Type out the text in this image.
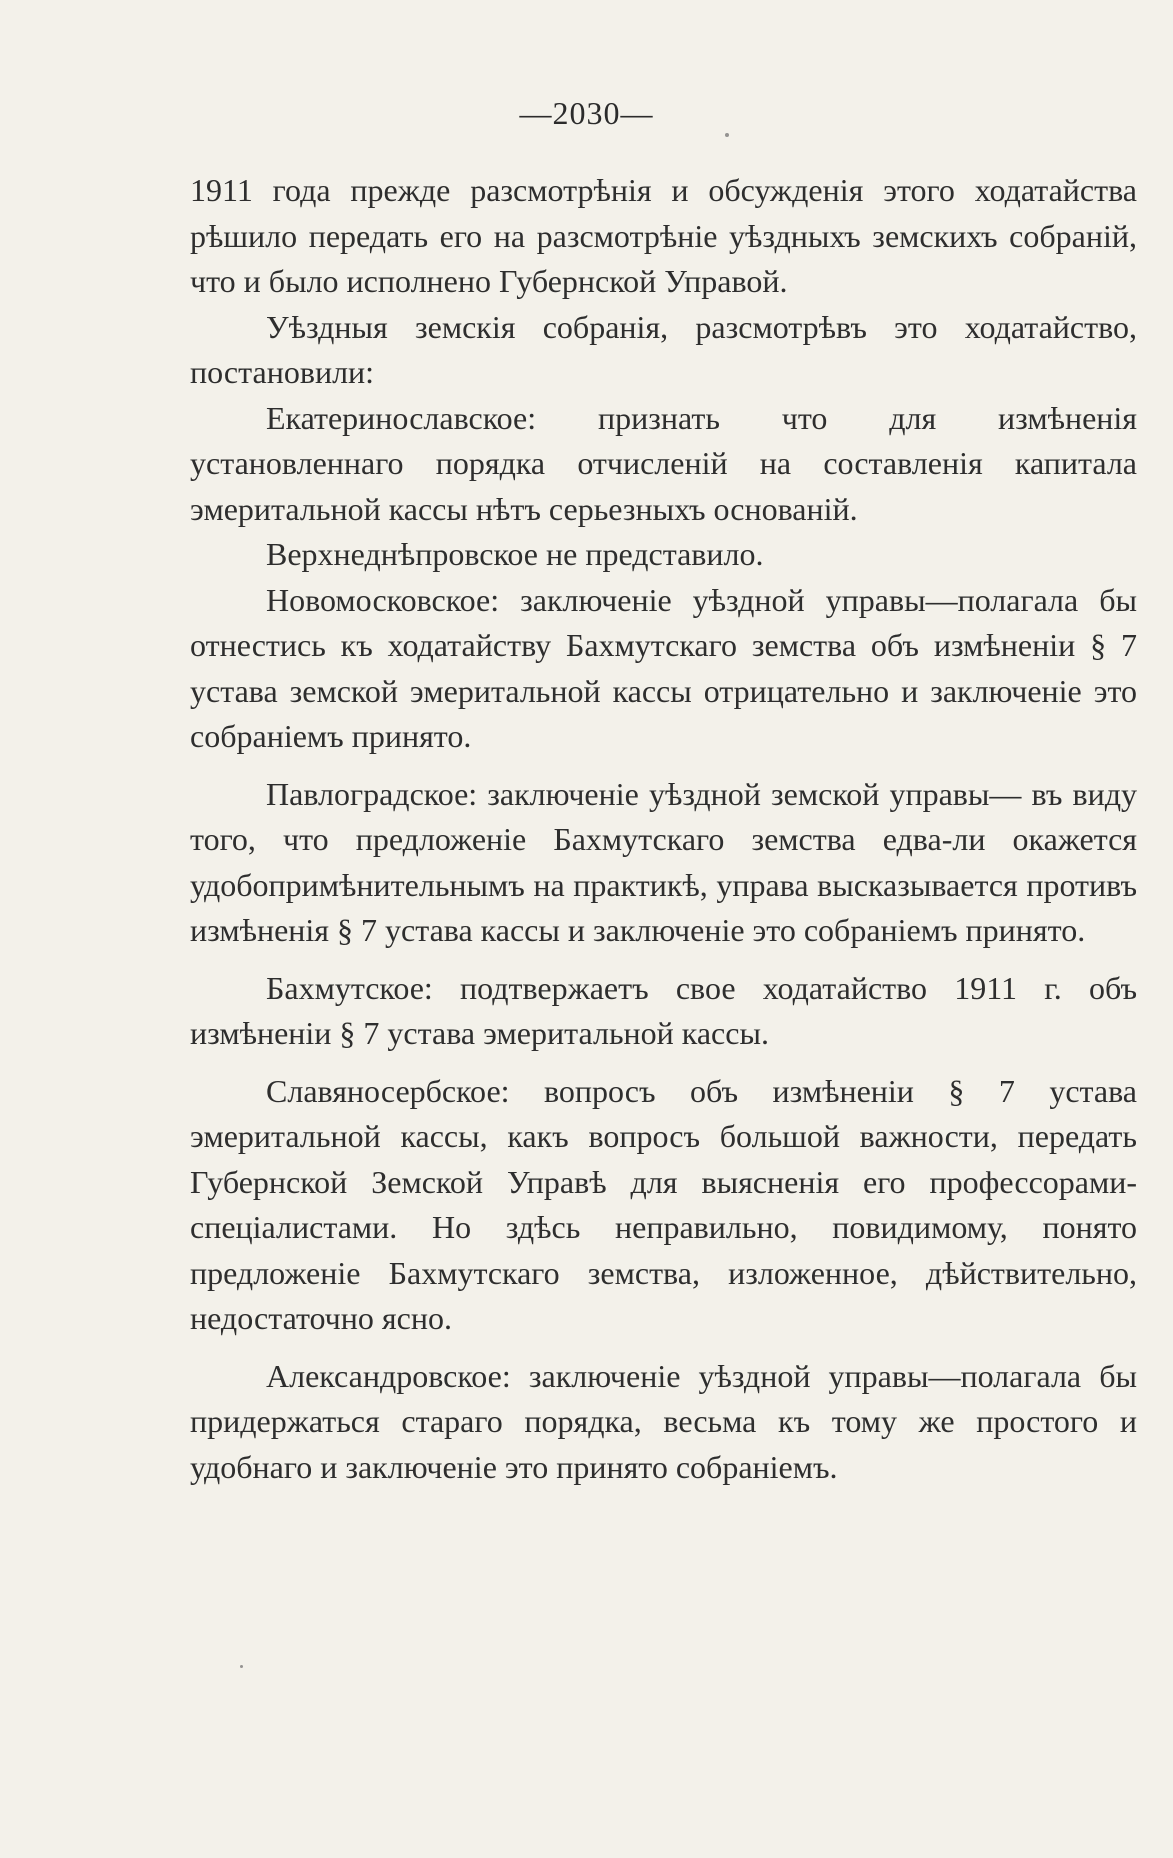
—2030—

1911 года прежде разсмотрѣнія и обсужденія этого ходатайства рѣшило передать его на разсмотрѣніе уѣздныхъ земскихъ собраній, что и было исполнено Губернской Управой.

Уѣздныя земскія собранія, разсмотрѣвъ это ходатайство, постановили:

Екатеринославское: признать что для измѣненія установленнаго порядка отчисленій на составленія капитала эмеритальной кассы нѣтъ серьезныхъ основаній.

Верхнеднѣпровское не представило.

Новомосковское: заключеніе уѣздной управы—полагала бы отнестись къ ходатайству Бахмутскаго земства объ измѣненіи § 7 устава земской эмеритальной кассы отрицательно и заключеніе это собраніемъ принято.

Павлоградское: заключеніе уѣздной земской управы— въ виду того, что предложеніе Бахмутскаго земства едва-ли окажется удобопримѣнительнымъ на практикѣ, управа высказывается противъ измѣненія § 7 устава кассы и заключеніе это собраніемъ принято.

Бахмутское: подтвержаетъ свое ходатайство 1911 г. объ измѣненіи § 7 устава эмеритальной кассы.

Славяносербское: вопросъ объ измѣненіи § 7 устава эмеритальной кассы, какъ вопросъ большой важности, передать Губернской Земской Управѣ для выясненія его профессорами-спеціалистами. Но здѣсь неправильно, повидимому, понято предложеніе Бахмутскаго земства, изложенное, дѣйствительно, недостаточно ясно.

Александровское: заключеніе уѣздной управы—полагала бы придержаться стараго порядка, весьма къ тому же простого и удобнаго и заключеніе это принято собраніемъ.
